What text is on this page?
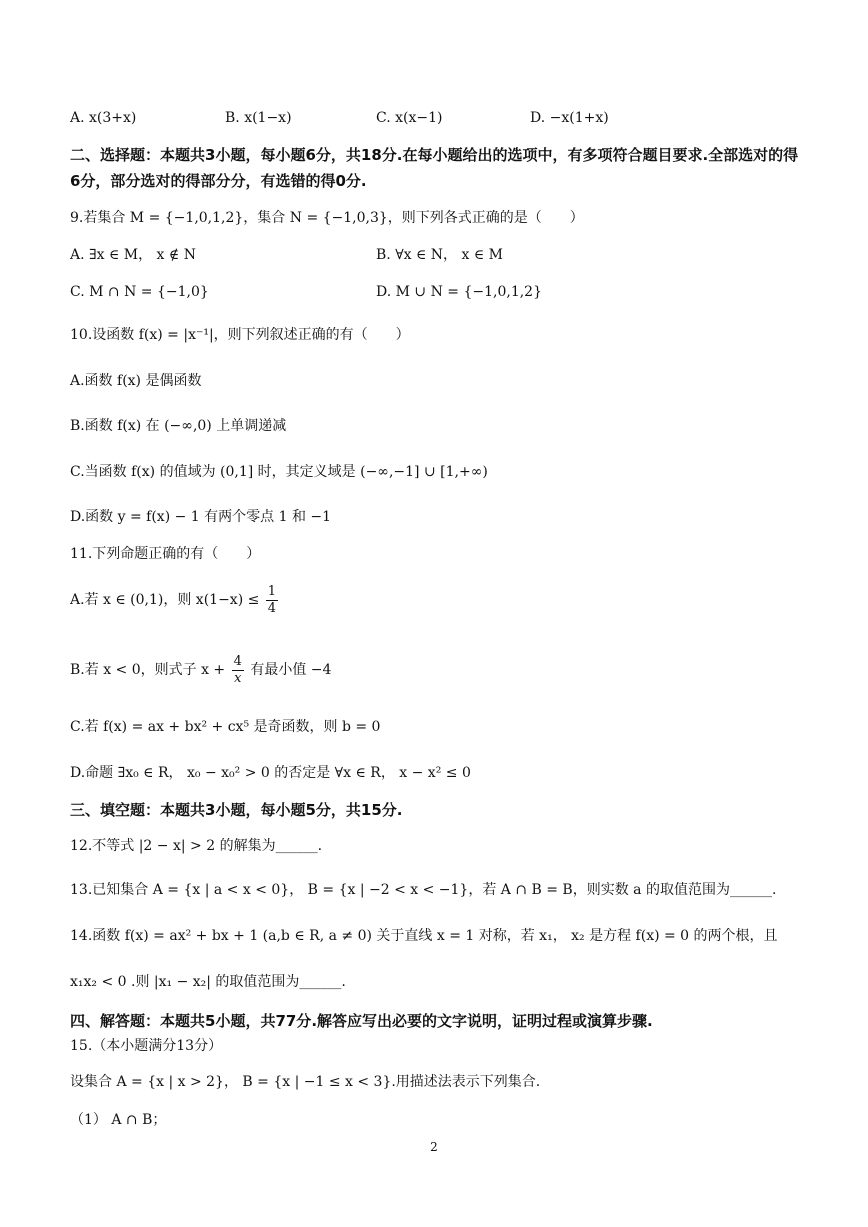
A. x(3+x)	B. x(1−x)	C. x(x−1)	D. −x(1+x)
二、选择题：本题共3小题，每小题6分，共18分.在每小题给出的选项中，有多项符合题目要求.全部选对的得6分，部分选对的得部分分，有选错的得0分.
9.若集合 M = {−1,0,1,2}，集合 N = {−1,0,3}，则下列各式正确的是（　　）
A. ∃x ∈ M， x ∉ N	B. ∀x ∈ N， x ∈ M
C. M ∩ N = {−1,0}	D. M ∪ N = {−1,0,1,2}
10.设函数 f(x) = |x⁻¹|，则下列叙述正确的有（　　）
A.函数 f(x) 是偶函数
B.函数 f(x) 在 (−∞,0) 上单调递减
C.当函数 f(x) 的值域为 (0,1] 时，其定义域是 (−∞,−1] ∪ [1,+∞)
D.函数 y = f(x) − 1 有两个零点 1 和 −1
11.下列命题正确的有（　　）
A.若 x ∈ (0,1)，则 $x(1-x) \le \frac{1}{4}$
B.若 x < 0，则式子 $x + \frac{4}{x}$ 有最小值 −4
C.若 f(x) = ax + bx² + cx⁵ 是奇函数，则 b = 0
D.命题 ∃x₀ ∈ R， x₀ − x₀² > 0 的否定是 ∀x ∈ R， x − x² ≤ 0
三、填空题：本题共3小题，每小题5分，共15分.
12.不等式 |2 − x| > 2 的解集为______.
13.已知集合 A = {x | a < x < 0}， B = {x | −2 < x < −1}，若 A ∩ B = B，则实数 a 的取值范围为______.
14.函数 f(x) = ax² + bx + 1 (a,b ∈ R, a ≠ 0) 关于直线 x = 1 对称，若 x₁， x₂ 是方程 f(x) = 0 的两个根，且
x₁x₂ < 0 .则 |x₁ − x₂| 的取值范围为______.
四、解答题：本题共5小题，共77分.解答应写出必要的文字说明，证明过程或演算步骤.
15.（本小题满分13分）
设集合 A = {x | x > 2}， B = {x | −1 ≤ x < 3}.用描述法表示下列集合.
（1） A ∩ B；
2
